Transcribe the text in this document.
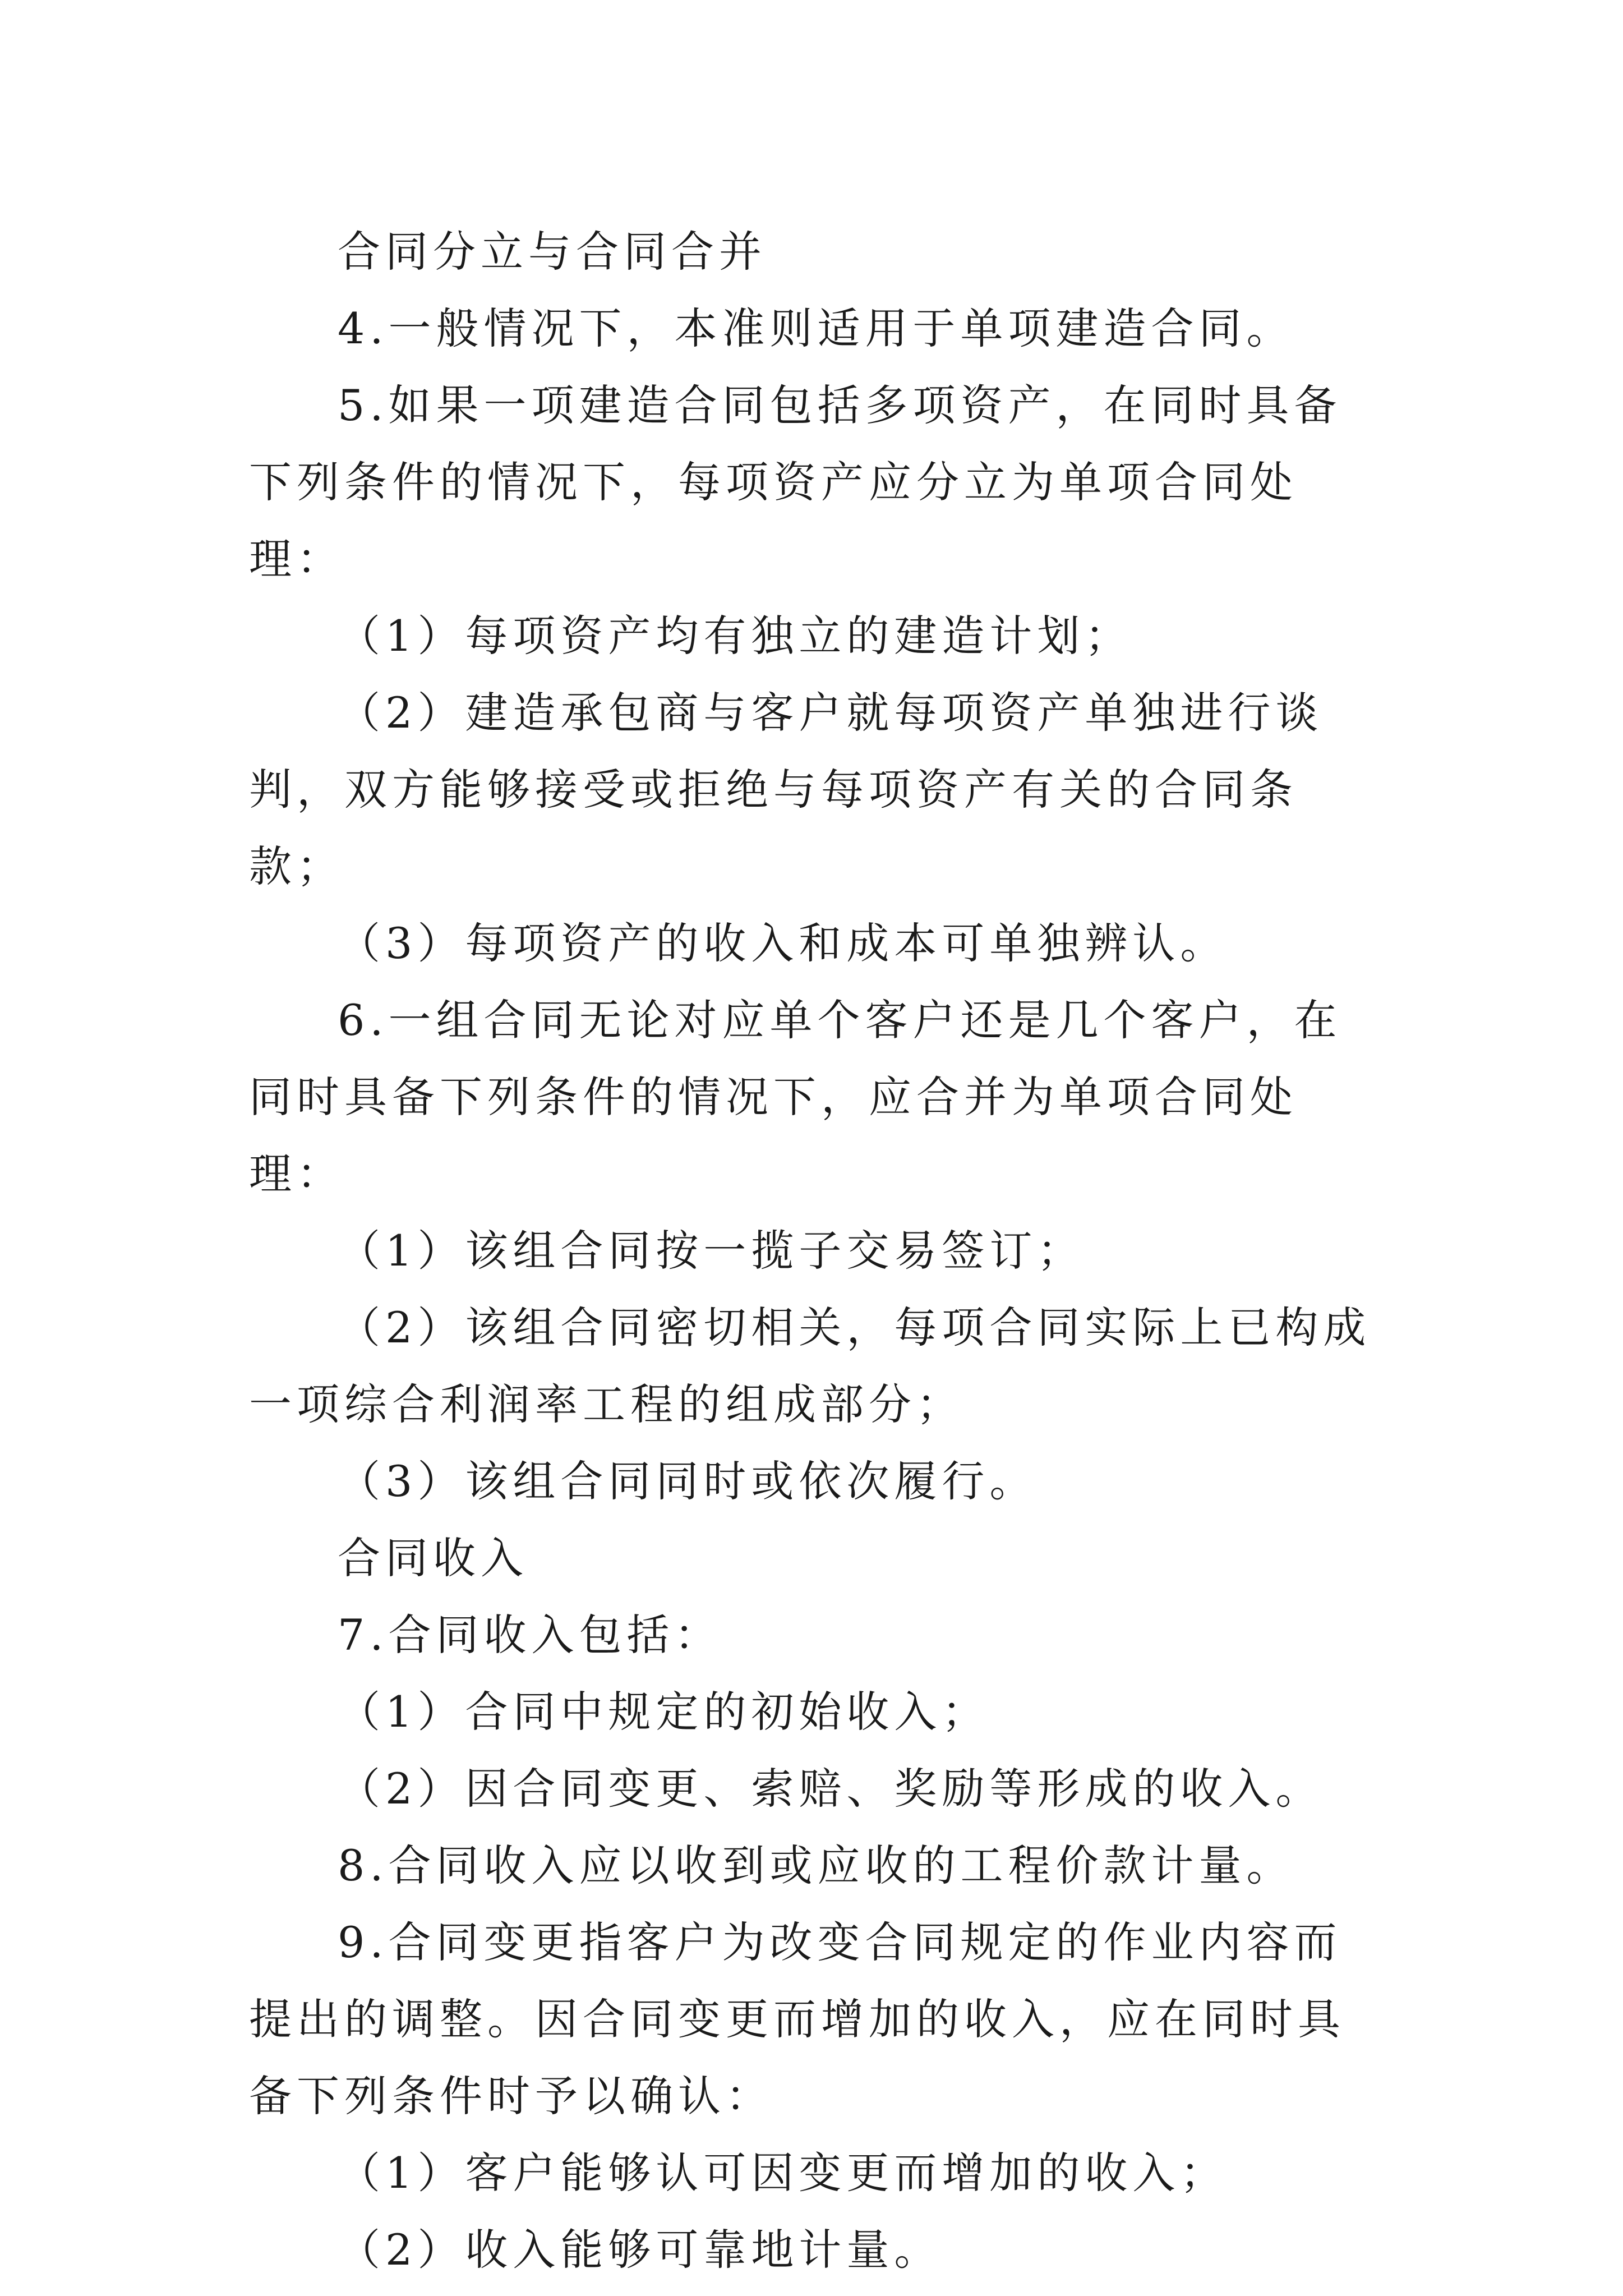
合同分立与合同合并

4.一般情况下，本准则适用于单项建造合同。

5.如果一项建造合同包括多项资产，在同时具备下列条件的情况下，每项资产应分立为单项合同处理：

（1）每项资产均有独立的建造计划；

（2）建造承包商与客户就每项资产单独进行谈判，双方能够接受或拒绝与每项资产有关的合同条款；

（3）每项资产的收入和成本可单独辨认。

6.一组合同无论对应单个客户还是几个客户，在同时具备下列条件的情况下，应合并为单项合同处理：

（1）该组合同按一揽子交易签订；

（2）该组合同密切相关，每项合同实际上已构成一项综合利润率工程的组成部分；

（3）该组合同同时或依次履行。

合同收入

7.合同收入包括：

（1）合同中规定的初始收入；

（2）因合同变更、索赔、奖励等形成的收入。

8.合同收入应以收到或应收的工程价款计量。

9.合同变更指客户为改变合同规定的作业内容而提出的调整。因合同变更而增加的收入，应在同时具备下列条件时予以确认：

（1）客户能够认可因变更而增加的收入；

（2）收入能够可靠地计量。
